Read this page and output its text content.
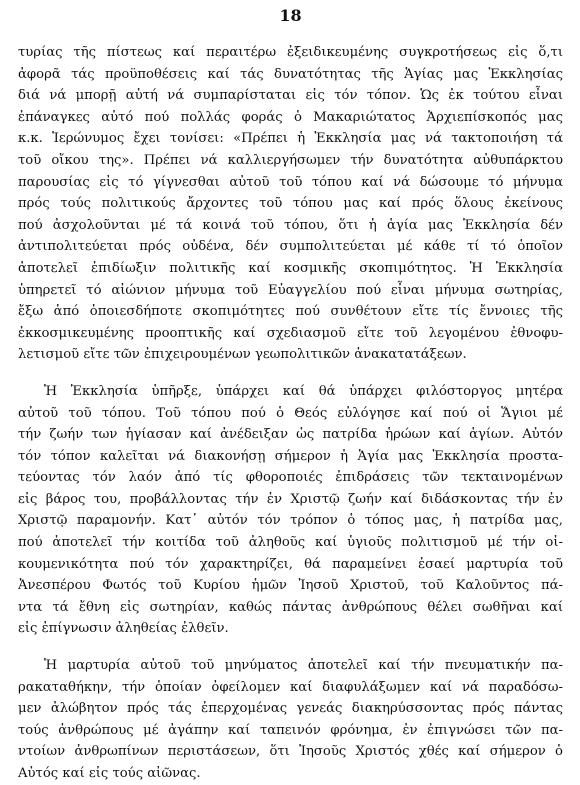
18

τυρίας τῆς πίστεως καί περαιτέρω ἐξειδικευμένης συγκροτήσεως εἰς ὅ,τι
ἀφορᾶ τάς προϋποθέσεις καί τάς δυνατότητας τῆς Ἁγίας μας Ἐκκλησίας
διά νά μπορῇ αὐτή νά συμπαρίσταται εἰς τόν τόπον. Ὡς ἐκ τούτου εἶναι
ἐπάναγκες αὐτό πού πολλάς φοράς ὁ Μακαριώτατος Ἀρχιεπίσκοπός μας
κ.κ. Ἱερώνυμος ἔχει τονίσει: «Πρέπει ἡ Ἐκκλησία μας νά τακτοποιήση τά
τοῦ οἴκου της». Πρέπει νά καλλιεργήσωμεν τήν δυνατότητα αὐθυπάρκτου
παρουσίας εἰς τό γίγνεσθαι αὐτοῦ τοῦ τόπου καί νά δώσουμε τό μήνυμα
πρός τούς πολιτικούς ἄρχοντες τοῦ τόπου μας καί πρός ὅλους ἐκείνους
πού ἀσχολοῦνται μέ τά κοινά τοῦ τόπου, ὅτι ἡ ἁγία μας Ἐκκλησία δέν
ἀντιπολιτεύεται πρός οὐδένα, δέν συμπολιτεύεται μέ κάθε τί τό ὁποῖον
ἀποτελεῖ ἐπιδίωξιν πολιτικῆς καί κοσμικῆς σκοπιμότητος. Ἡ Ἐκκλησία
ὑπηρετεῖ τό αἰώνιον μήνυμα τοῦ Εὐαγγελίου πού εἶναι μήνυμα σωτηρίας,
ἔξω ἀπό ὁποιεσδήποτε σκοπιμότητες πού συνθέτουν εἴτε τίς ἔννοιες τῆς
ἐκκοσμικευμένης προοπτικῆς καί σχεδιασμοῦ εἴτε τοῦ λεγομένου ἐθνοφυ-
λετισμοῦ εἴτε τῶν ἐπιχειρουμένων γεωπολιτικῶν ἀνακατατάξεων.

Ἡ Ἐκκλησία ὑπῆρξε, ὑπάρχει καί θά ὑπάρχει φιλόστοργος μητέρα
αὐτοῦ τοῦ τόπου. Τοῦ τόπου πού ὁ Θεός εὐλόγησε καί πού οἱ Ἅγιοι μέ
τήν ζωήν των ἡγίασαν καί ἀνέδειξαν ὡς πατρίδα ἡρώων καί ἁγίων. Αὐτόν
τόν τόπον καλεῖται νά διακονήσῃ σήμερον ἡ Ἁγία μας Ἐκκλησία προστα-
τεύοντας τόν λαόν ἀπό τίς φθοροποιές ἐπιδράσεις τῶν τεκταινομένων
εἰς βάρος του, προβάλλοντας τήν ἐν Χριστῷ ζωήν καί διδάσκοντας τήν ἐν
Χριστῷ παραμονήν. Κατ᾽ αὐτόν τόν τρόπον ὁ τόπος μας, ἡ πατρίδα μας,
πού ἀποτελεῖ τήν κοιτίδα τοῦ ἀληθοῦς καί ὑγιοῦς πολιτισμοῦ μέ τήν οἰ-
κουμενικότητα πού τόν χαρακτηρίζει, θά παραμείνει ἐσαεί μαρτυρία τοῦ
Ἀνεσπέρου Φωτός τοῦ Κυρίου ἡμῶν Ἰησοῦ Χριστοῦ, τοῦ Καλοῦντος πά-
ντα τά ἔθνη εἰς σωτηρίαν, καθώς πάντας ἀνθρώπους θέλει σωθῆναι καί
εἰς ἐπίγνωσιν ἀληθείας ἐλθεῖν.

Ἡ μαρτυρία αὐτοῦ τοῦ μηνύματος ἀποτελεῖ καί τήν πνευματικήν πα-
ρακαταθήκην, τήν ὁποίαν ὀφείλομεν καί διαφυλάξωμεν καί νά παραδόσω-
μεν ἀλώβητον πρός τάς ἐπερχομένας γενεάς διακηρύσσοντας πρός πάντας
τούς ἀνθρώπους μέ ἀγάπην καί ταπεινόν φρόνημα, ἐν ἐπιγνώσει τῶν πα-
ντοίων ἀνθρωπίνων περιστάσεων, ὅτι Ἰησοῦς Χριστός χθές καί σήμερον ὁ
Αὐτός καί εἰς τούς αἰῶνας.
